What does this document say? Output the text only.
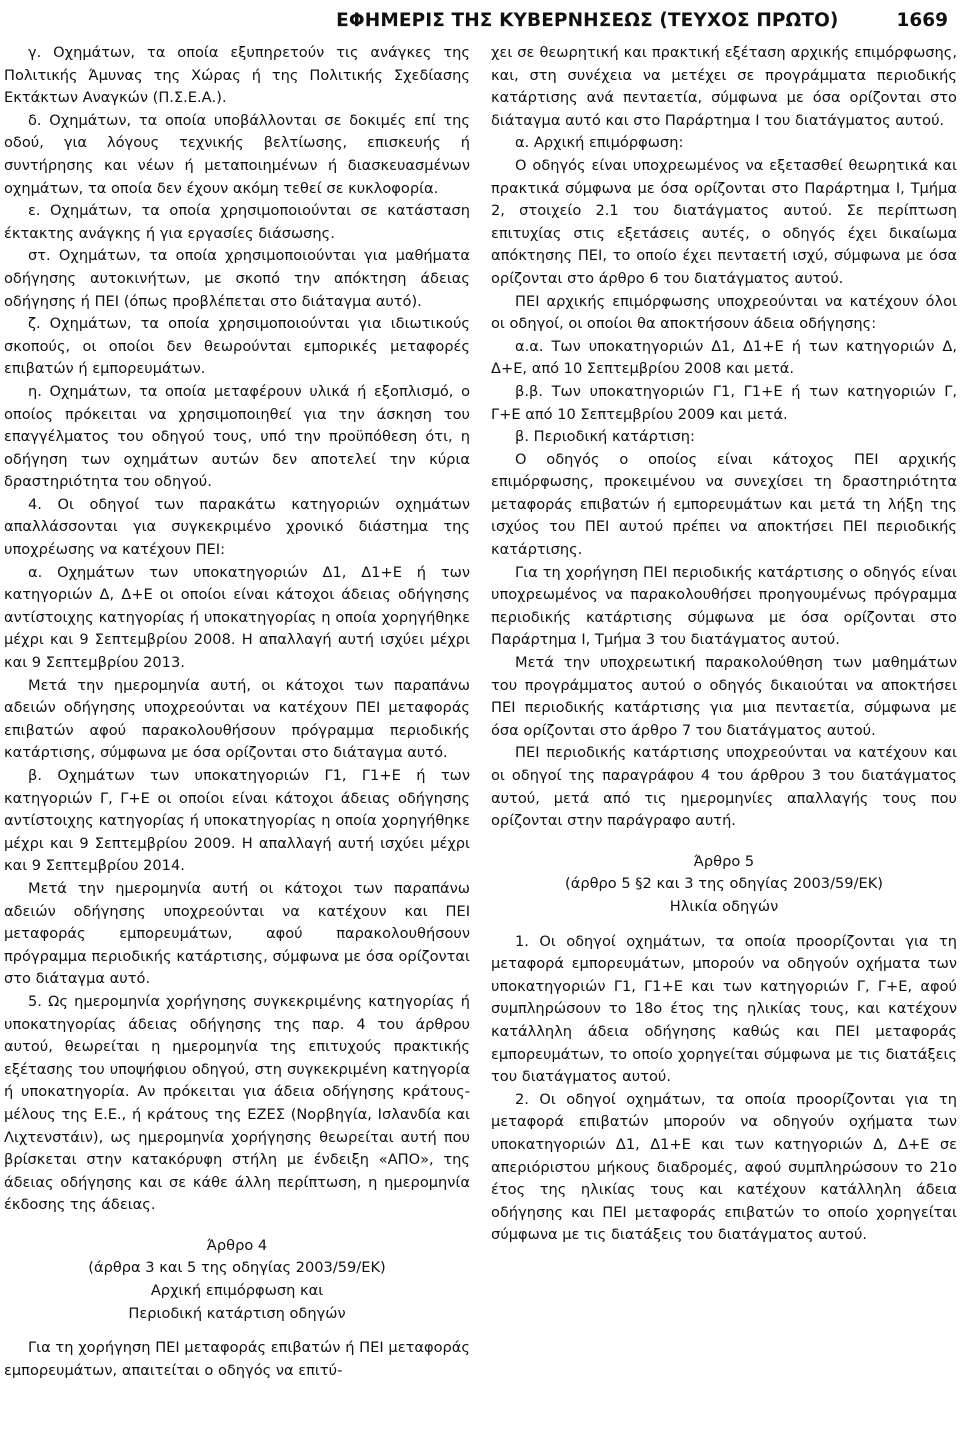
ΕΦΗΜΕΡΙΣ ΤΗΣ ΚΥΒΕΡΝΗΣΕΩΣ (ΤΕΥΧΟΣ ΠΡΩΤΟ)	1669

γ. Οχημάτων, τα οποία εξυπηρετούν τις ανάγκες της Πολιτικής Άμυνας της Χώρας ή της Πολιτικής Σχεδίασης Εκτάκτων Αναγκών (Π.Σ.Ε.Α.).

δ. Οχημάτων, τα οποία υποβάλλονται σε δοκιμές επί της οδού, για λόγους τεχνικής βελτίωσης, επισκευής ή συντήρησης και νέων ή μεταποιημένων ή διασκευασμένων οχημάτων, τα οποία δεν έχουν ακόμη τεθεί σε κυκλοφορία.

ε. Οχημάτων, τα οποία χρησιμοποιούνται σε κατάσταση έκτακτης ανάγκης ή για εργασίες διάσωσης.

στ. Οχημάτων, τα οποία χρησιμοποιούνται για μαθήματα οδήγησης αυτοκινήτων, με σκοπό την απόκτηση άδειας οδήγησης ή ΠΕΙ (όπως προβλέπεται στο διάταγμα αυτό).

ζ. Οχημάτων, τα οποία χρησιμοποιούνται για ιδιωτικούς σκοπούς, οι οποίοι δεν θεωρούνται εμπορικές μεταφορές επιβατών ή εμπορευμάτων.

η. Οχημάτων, τα οποία μεταφέρουν υλικά ή εξοπλισμό, ο οποίος πρόκειται να χρησιμοποιηθεί για την άσκηση του επαγγέλματος του οδηγού τους, υπό την προϋπόθεση ότι, η οδήγηση των οχημάτων αυτών δεν αποτελεί την κύρια δραστηριότητα του οδηγού.

4. Οι οδηγοί των παρακάτω κατηγοριών οχημάτων απαλλάσσονται για συγκεκριμένο χρονικό διάστημα της υποχρέωσης να κατέχουν ΠΕΙ:

α. Οχημάτων των υποκατηγοριών Δ1, Δ1+Ε ή των κατηγοριών Δ, Δ+Ε οι οποίοι είναι κάτοχοι άδειας οδήγησης αντίστοιχης κατηγορίας ή υποκατηγορίας η οποία χορηγήθηκε μέχρι και 9 Σεπτεμβρίου 2008. Η απαλλαγή αυτή ισχύει μέχρι και 9 Σεπτεμβρίου 2013.

Μετά την ημερομηνία αυτή, οι κάτοχοι των παραπάνω αδειών οδήγησης υποχρεούνται να κατέχουν ΠΕΙ μεταφοράς επιβατών αφού παρακολουθήσουν πρόγραμμα περιοδικής κατάρτισης, σύμφωνα με όσα ορίζονται στο διάταγμα αυτό.

β. Οχημάτων των υποκατηγοριών Γ1, Γ1+Ε ή των κατηγοριών Γ, Γ+Ε οι οποίοι είναι κάτοχοι άδειας οδήγησης αντίστοιχης κατηγορίας ή υποκατηγορίας η οποία χορηγήθηκε μέχρι και 9 Σεπτεμβρίου 2009. Η απαλλαγή αυτή ισχύει μέχρι και 9 Σεπτεμβρίου 2014.

Μετά την ημερομηνία αυτή οι κάτοχοι των παραπάνω αδειών οδήγησης υποχρεούνται να κατέχουν και ΠΕΙ μεταφοράς εμπορευμάτων, αφού παρακολουθήσουν πρόγραμμα περιοδικής κατάρτισης, σύμφωνα με όσα ορίζονται στο διάταγμα αυτό.

5. Ως ημερομηνία χορήγησης συγκεκριμένης κατηγορίας ή υποκατηγορίας άδειας οδήγησης της παρ. 4 του άρθρου αυτού, θεωρείται η ημερομηνία της επιτυχούς πρακτικής εξέτασης του υποψήφιου οδηγού, στη συγκεκριμένη κατηγορία ή υποκατηγορία. Αν πρόκειται για άδεια οδήγησης κράτους-μέλους της Ε.Ε., ή κράτους της ΕΖΕΣ (Νορβηγία, Ισλανδία και Λιχτενστάιν), ως ημερομηνία χορήγησης θεωρείται αυτή που βρίσκεται στην κατακόρυφη στήλη με ένδειξη «ΑΠΟ», της άδειας οδήγησης και σε κάθε άλλη περίπτωση, η ημερομηνία έκδοσης της άδειας.

Άρθρο 4

(άρθρα 3 και 5 της οδηγίας 2003/59/ΕΚ)

Αρχική επιμόρφωση και

Περιοδική κατάρτιση οδηγών

Για τη χορήγηση ΠΕΙ μεταφοράς επιβατών ή ΠΕΙ μεταφοράς εμπορευμάτων, απαιτείται ο οδηγός να επιτύ-

χει σε θεωρητική και πρακτική εξέταση αρχικής επιμόρφωσης, και, στη συνέχεια να μετέχει σε προγράμματα περιοδικής κατάρτισης ανά πενταετία, σύμφωνα με όσα ορίζονται στο διάταγμα αυτό και στο Παράρτημα Ι του διατάγματος αυτού.

α. Αρχική επιμόρφωση:

Ο οδηγός είναι υποχρεωμένος να εξετασθεί θεωρητικά και πρακτικά σύμφωνα με όσα ορίζονται στο Παράρτημα Ι, Τμήμα 2, στοιχείο 2.1 του διατάγματος αυτού. Σε περίπτωση επιτυχίας στις εξετάσεις αυτές, ο οδηγός έχει δικαίωμα απόκτησης ΠΕΙ, το οποίο έχει πενταετή ισχύ, σύμφωνα με όσα ορίζονται στο άρθρο 6 του διατάγματος αυτού.

ΠΕΙ αρχικής επιμόρφωσης υποχρεούνται να κατέχουν όλοι οι οδηγοί, οι οποίοι θα αποκτήσουν άδεια οδήγησης:

α.α. Των υποκατηγοριών Δ1, Δ1+Ε ή των κατηγοριών Δ, Δ+Ε, από 10 Σεπτεμβρίου 2008 και μετά.

β.β. Των υποκατηγοριών Γ1, Γ1+Ε ή των κατηγοριών Γ, Γ+Ε από 10 Σεπτεμβρίου 2009 και μετά.

β. Περιοδική κατάρτιση:

Ο οδηγός ο οποίος είναι κάτοχος ΠΕΙ αρχικής επιμόρφωσης, προκειμένου να συνεχίσει τη δραστηριότητα μεταφοράς επιβατών ή εμπορευμάτων και μετά τη λήξη της ισχύος του ΠΕΙ αυτού πρέπει να αποκτήσει ΠΕΙ περιοδικής κατάρτισης.

Για τη χορήγηση ΠΕΙ περιοδικής κατάρτισης ο οδηγός είναι υποχρεωμένος να παρακολουθήσει προηγουμένως πρόγραμμα περιοδικής κατάρτισης σύμφωνα με όσα ορίζονται στο Παράρτημα Ι, Τμήμα 3 του διατάγματος αυτού.

Μετά την υποχρεωτική παρακολούθηση των μαθημάτων του προγράμματος αυτού ο οδηγός δικαιούται να αποκτήσει ΠΕΙ περιοδικής κατάρτισης για μια πενταετία, σύμφωνα με όσα ορίζονται στο άρθρο 7 του διατάγματος αυτού.

ΠΕΙ περιοδικής κατάρτισης υποχρεούνται να κατέχουν και οι οδηγοί της παραγράφου 4 του άρθρου 3 του διατάγματος αυτού, μετά από τις ημερομηνίες απαλλαγής τους που ορίζονται στην παράγραφο αυτή.

Άρθρο 5

(άρθρο 5 §2 και 3 της οδηγίας 2003/59/ΕΚ)

Ηλικία οδηγών

1. Οι οδηγοί οχημάτων, τα οποία προορίζονται για τη μεταφορά εμπορευμάτων, μπορούν να οδηγούν οχήματα των υποκατηγοριών Γ1, Γ1+Ε και των κατηγοριών Γ, Γ+Ε, αφού συμπληρώσουν το 18ο έτος της ηλικίας τους, και κατέχουν κατάλληλη άδεια οδήγησης καθώς και ΠΕΙ μεταφοράς εμπορευμάτων, το οποίο χορηγείται σύμφωνα με τις διατάξεις του διατάγματος αυτού.

2. Οι οδηγοί οχημάτων, τα οποία προορίζονται για τη μεταφορά επιβατών μπορούν να οδηγούν οχήματα των υποκατηγοριών Δ1, Δ1+Ε και των κατηγοριών Δ, Δ+Ε σε απεριόριστου μήκους διαδρομές, αφού συμπληρώσουν το 21ο έτος της ηλικίας τους και κατέχουν κατάλληλη άδεια οδήγησης και ΠΕΙ μεταφοράς επιβατών το οποίο χορηγείται σύμφωνα με τις διατάξεις του διατάγματος αυτού.
